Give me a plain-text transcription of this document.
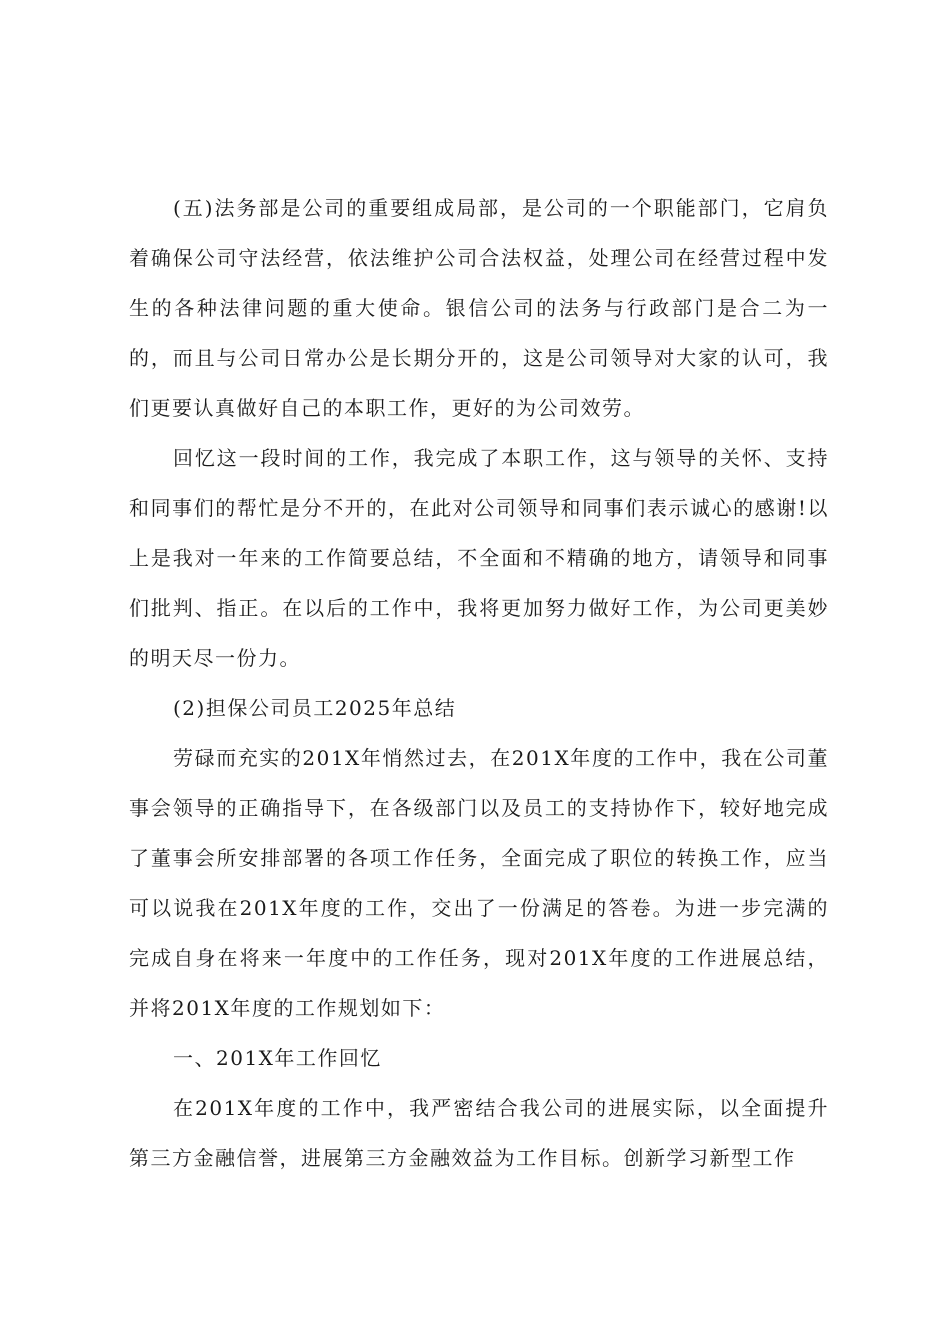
(五)法务部是公司的重要组成局部，是公司的一个职能部门，它肩负着确保公司守法经营，依法维护公司合法权益，处理公司在经营过程中发生的各种法律问题的重大使命。银信公司的法务与行政部门是合二为一的，而且与公司日常办公是长期分开的，这是公司领导对大家的认可，我们更要认真做好自己的本职工作，更好的为公司效劳。

回忆这一段时间的工作，我完成了本职工作，这与领导的关怀、支持和同事们的帮忙是分不开的，在此对公司领导和同事们表示诚心的感谢!以上是我对一年来的工作简要总结，不全面和不精确的地方，请领导和同事们批判、指正。在以后的工作中，我将更加努力做好工作，为公司更美妙的明天尽一份力。

(2)担保公司员工2025年总结

劳碌而充实的201X年悄然过去，在201X年度的工作中，我在公司董事会领导的正确指导下，在各级部门以及员工的支持协作下，较好地完成了董事会所安排部署的各项工作任务，全面完成了职位的转换工作，应当可以说我在201X年度的工作，交出了一份满足的答卷。为进一步完满的完成自身在将来一年度中的工作任务，现对201X年度的工作进展总结，并将201X年度的工作规划如下：

一、201X年工作回忆

在201X年度的工作中，我严密结合我公司的进展实际，以全面提升第三方金融信誉，进展第三方金融效益为工作目标。创新学习新型工作
